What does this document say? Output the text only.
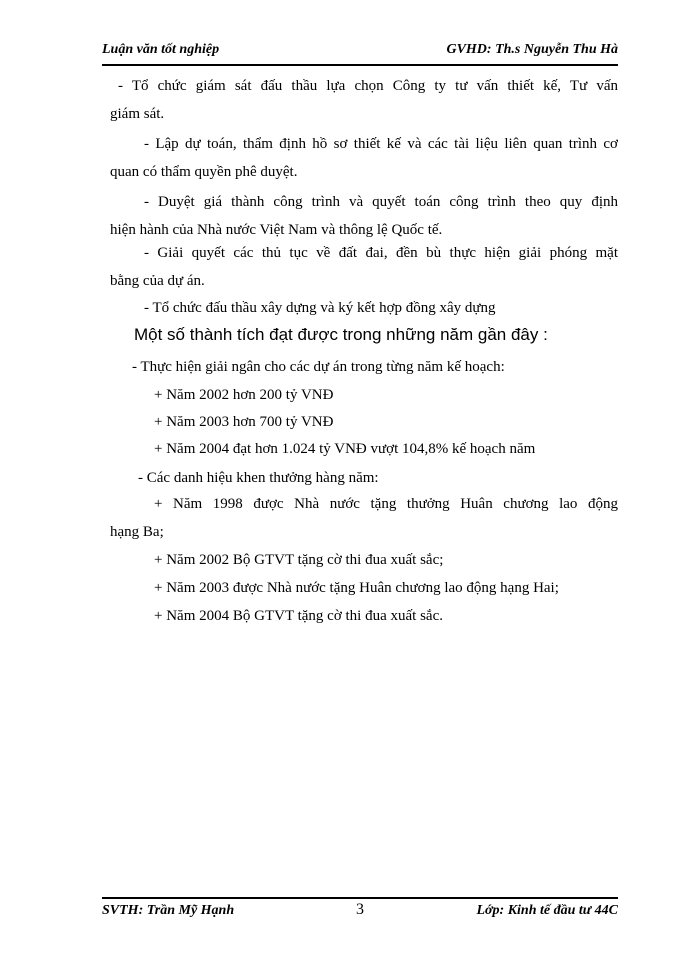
Luận văn tốt nghiệp	GVHD: Th.s Nguyễn Thu Hà
- Tổ chức giám sát đấu thầu lựa chọn Công ty tư vấn thiết kế, Tư vấn
giám sát.
- Lập dự toán, thẩm định hồ sơ thiết kế và các tài liệu liên quan trình cơ
quan có thẩm quyền phê duyệt.
- Duyệt giá thành công trình và quyết toán công trình theo quy định
hiện hành của Nhà nước Việt Nam và thông lệ Quốc tế.
- Giải quyết các thủ tục về đất đai, đền bù thực hiện giải phóng mặt
bằng của dự án.
- Tổ chức đấu thầu xây dựng và ký kết hợp đồng xây dựng
Một số thành tích đạt được trong những năm gần đây :
- Thực hiện giải ngân cho các dự án trong từng năm kế hoạch:
+ Năm 2002 hơn 200 tỷ VNĐ
+ Năm 2003 hơn 700 tỷ VNĐ
+ Năm 2004 đạt hơn 1.024 tỷ VNĐ vượt 104,8% kế hoạch năm
- Các danh hiệu khen thưởng hàng năm:
+ Năm 1998 được Nhà nước tặng thưởng Huân chương lao động
hạng Ba;
+ Năm 2002 Bộ GTVT tặng cờ thi đua xuất sắc;
+ Năm 2003 được Nhà nước tặng Huân chương lao động hạng Hai;
+ Năm 2004 Bộ GTVT tặng cờ thi đua xuất sắc.
SVTH: Trần Mỹ Hạnh	3	Lớp: Kinh tế đầu tư 44C
